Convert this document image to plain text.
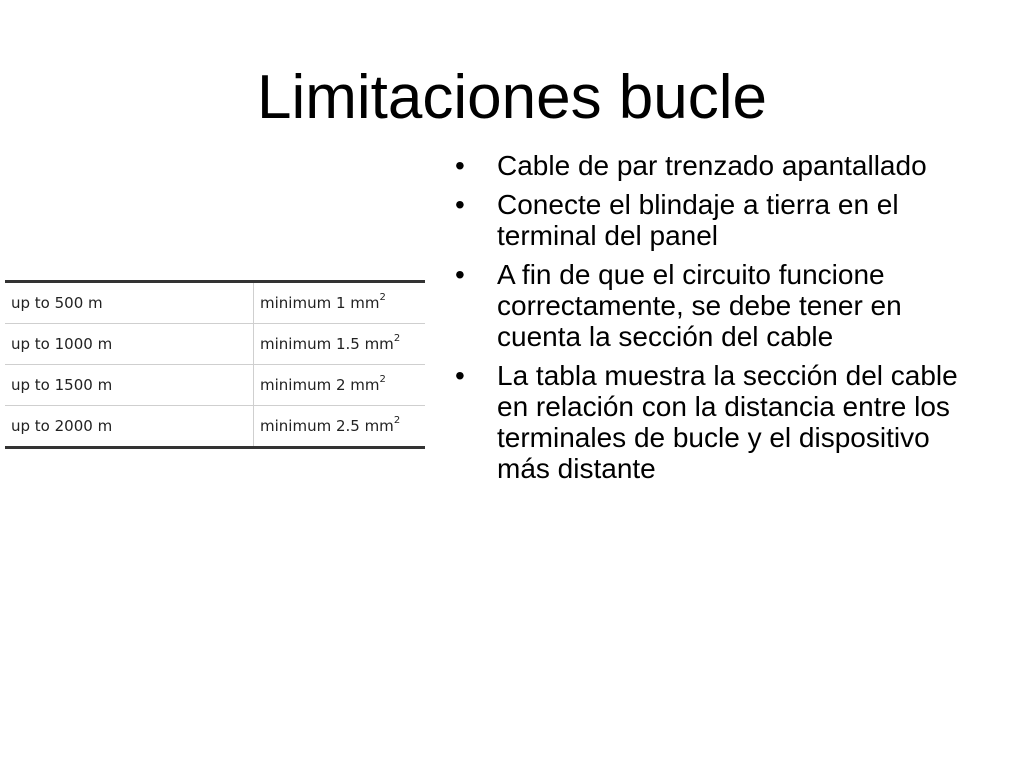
Limitaciones bucle
up to 500 m	minimum 1 $mm^2$
up to 1000 m	minimum 1.5 $mm^2$
up to 1500 m	minimum 2 $mm^2$
up to 2000 m	minimum 2.5 $mm^2$
• Cable de par trenzado apantallado
• Conecte el blindaje a tierra en el terminal del panel
• A fin de que el circuito funcione correctamente, se debe tener en cuenta la sección del cable
• La tabla muestra la sección del cable en relación con la distancia entre los terminales de bucle y el dispositivo más distante
